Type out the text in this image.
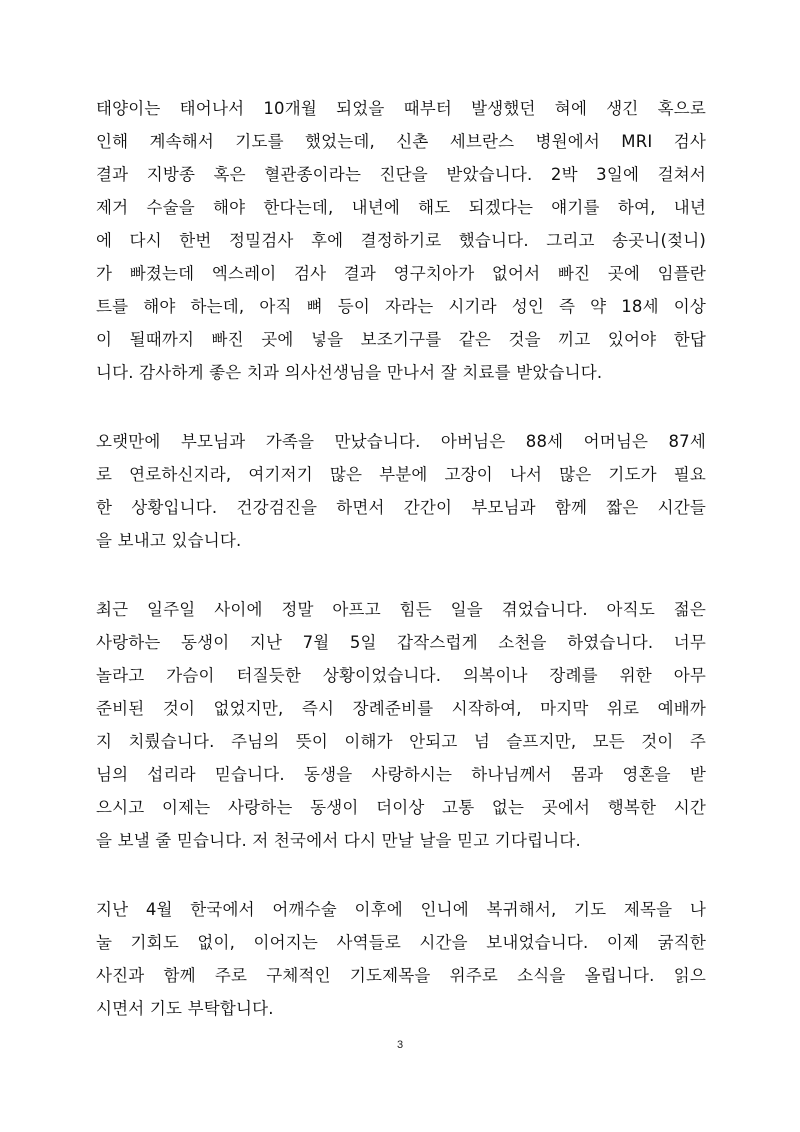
태양이는 태어나서 10개월 되었을 때부터 발생했던 혀에 생긴 혹으로
인해 계속해서 기도를 했었는데, 신촌 세브란스 병원에서 MRI 검사
결과 지방종 혹은 혈관종이라는 진단을 받았습니다. 2박 3일에 걸쳐서
제거 수술을 해야 한다는데, 내년에 해도 되겠다는 얘기를 하여, 내년
에 다시 한번 정밀검사 후에 결정하기로 했습니다. 그리고 송곳니(젖니)
가 빠졌는데 엑스레이 검사 결과 영구치아가 없어서 빠진 곳에 임플란
트를 해야 하는데, 아직 뼈 등이 자라는 시기라 성인 즉 약 18세 이상
이 될때까지 빠진 곳에 넣을 보조기구를 같은 것을 끼고 있어야 한답
니다. 감사하게 좋은 치과 의사선생님을 만나서 잘 치료를 받았습니다.
오랫만에 부모님과 가족을 만났습니다. 아버님은 88세 어머님은 87세
로 연로하신지라, 여기저기 많은 부분에 고장이 나서 많은 기도가 필요
한 상황입니다. 건강검진을 하면서 간간이 부모님과 함께 짧은 시간들
을 보내고 있습니다.
최근 일주일 사이에 정말 아프고 힘든 일을 겪었습니다. 아직도 젊은
사랑하는 동생이 지난 7월 5일 갑작스럽게 소천을 하였습니다. 너무
놀라고 가슴이 터질듯한 상황이었습니다. 의복이나 장례를 위한 아무
준비된 것이 없었지만, 즉시 장례준비를 시작하여, 마지막 위로 예배까
지 치뤘습니다. 주님의 뜻이 이해가 안되고 넘 슬프지만, 모든 것이 주
님의 섭리라 믿습니다. 동생을 사랑하시는 하나님께서 몸과 영혼을 받
으시고 이제는 사랑하는 동생이 더이상 고통 없는 곳에서 행복한 시간
을 보낼 줄 믿습니다. 저 천국에서 다시 만날 날을 믿고 기다립니다.
지난 4월 한국에서 어깨수술 이후에 인니에 복귀해서, 기도 제목을 나
눌 기회도 없이, 이어지는 사역들로 시간을 보내었습니다. 이제 굵직한
사진과 함께 주로 구체적인 기도제목을 위주로 소식을 올립니다. 읽으
시면서 기도 부탁합니다.
3
